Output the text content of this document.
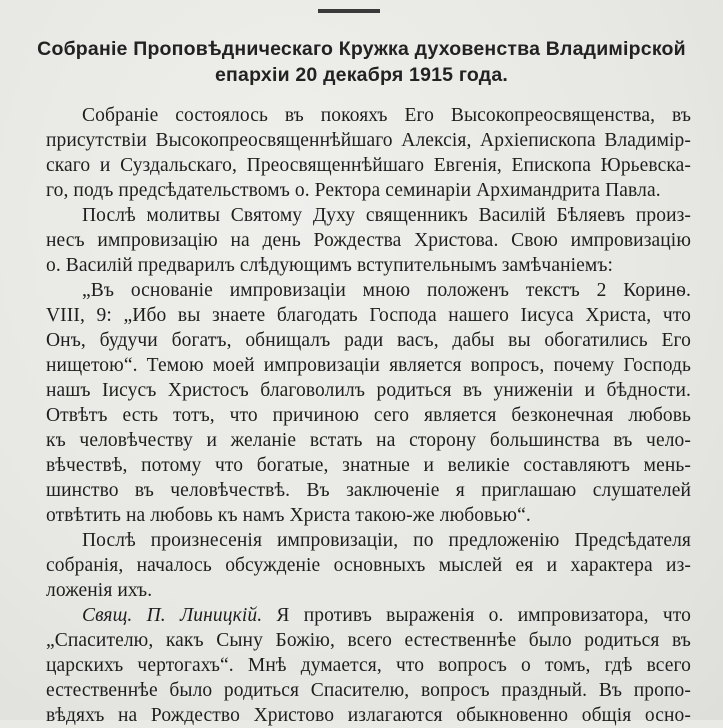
Собраніе Проповѣдническаго Кружка духовенства Владимірской
епархіи 20 декабря 1915 года.
Собраніе состоялось въ покояхъ Его Высокопреосвященства, въ
присутствіи Высокопреосвященнѣйшаго Алексія, Архіепископа Владимір-
скаго и Суздальскаго, Преосвященнѣйшаго Евгенія, Епископа Юрьевска-
го, подъ предсѣдательствомъ о. Ректора семинаріи Архимандрита Павла.
Послѣ молитвы Святому Духу священникъ Василій Бѣляевъ произ-
несъ импровизацію на день Рождества Христова. Свою импровизацію
о. Василій предварилъ слѣдующимъ вступительнымъ замѣчаніемъ:
„Въ основаніе импровизаціи мною положенъ текстъ 2 Коринѳ.
VIII, 9: „Ибо вы знаете благодать Господа нашего Іисуса Христа, что
Онъ, будучи богатъ, обнищалъ ради васъ, дабы вы обогатились Его
нищетою“. Темою моей импровизаціи является вопросъ, почему Господь
нашъ Іисусъ Христосъ благоволилъ родиться въ униженіи и бѣдности.
Отвѣтъ есть тотъ, что причиною сего является безконечная любовь
къ человѣчеству и желаніе встать на сторону большинства въ чело-
вѣчествѣ, потому что богатые, знатные и великіе составляютъ мень-
шинство въ человѣчествѣ. Въ заключеніе я приглашаю слушателей
отвѣтить на любовь къ намъ Христа такою-же любовью“.
Послѣ произнесенія импровизаціи, по предложенію Предсѣдателя
собранія, началось обсужденіе основныхъ мыслей ея и характера из-
ложенія ихъ.
Свящ. П. Линицкій. Я противъ выраженія о. импровизатора, что
„Спасителю, какъ Сыну Божію, всего естественнѣе было родиться въ
царскихъ чертогахъ“. Мнѣ думается, что вопросъ о томъ, гдѣ всего
естественнѣе было родиться Спасителю, вопросъ праздный. Въ пропо-
вѣдяхъ на Рождество Христово излагаются обыкновенно общія осно-
